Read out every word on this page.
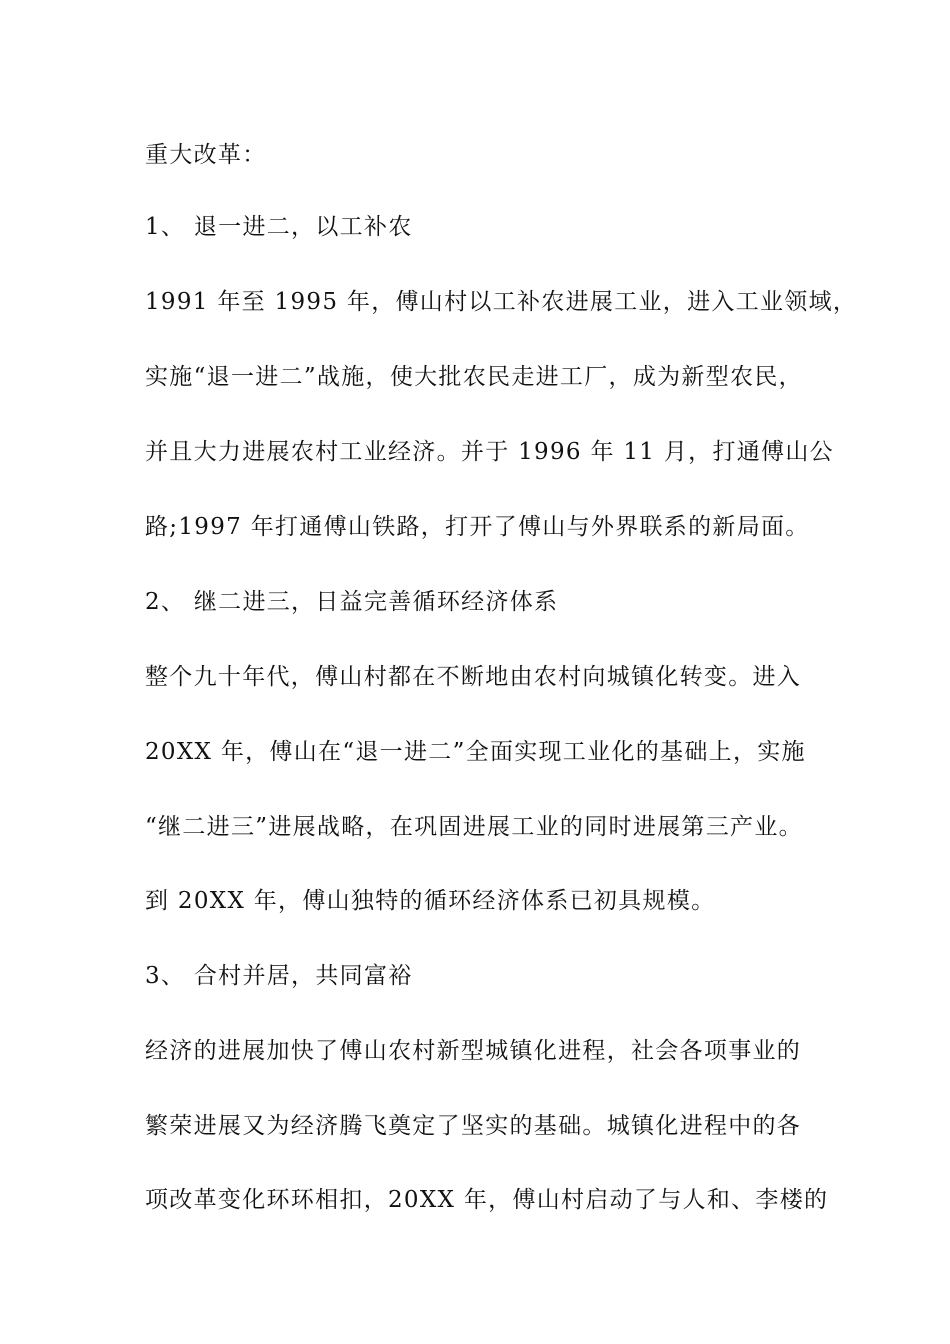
重大改革：
1、 退一进二，以工补农
1991 年至 1995 年，傅山村以工补农进展工业，进入工业领域，
实施“退一进二”战施，使大批农民走进工厂，成为新型农民，
并且大力进展农村工业经济。并于 1996 年 11 月，打通傅山公
路;1997 年打通傅山铁路，打开了傅山与外界联系的新局面。
2、 继二进三，日益完善循环经济体系
整个九十年代，傅山村都在不断地由农村向城镇化转变。进入
20XX 年，傅山在“退一进二”全面实现工业化的基础上，实施
“继二进三”进展战略，在巩固进展工业的同时进展第三产业。
到 20XX 年，傅山独特的循环经济体系已初具规模。
3、 合村并居，共同富裕
经济的进展加快了傅山农村新型城镇化进程，社会各项事业的
繁荣进展又为经济腾飞奠定了坚实的基础。城镇化进程中的各
项改革变化环环相扣，20XX 年，傅山村启动了与人和、李楼的
